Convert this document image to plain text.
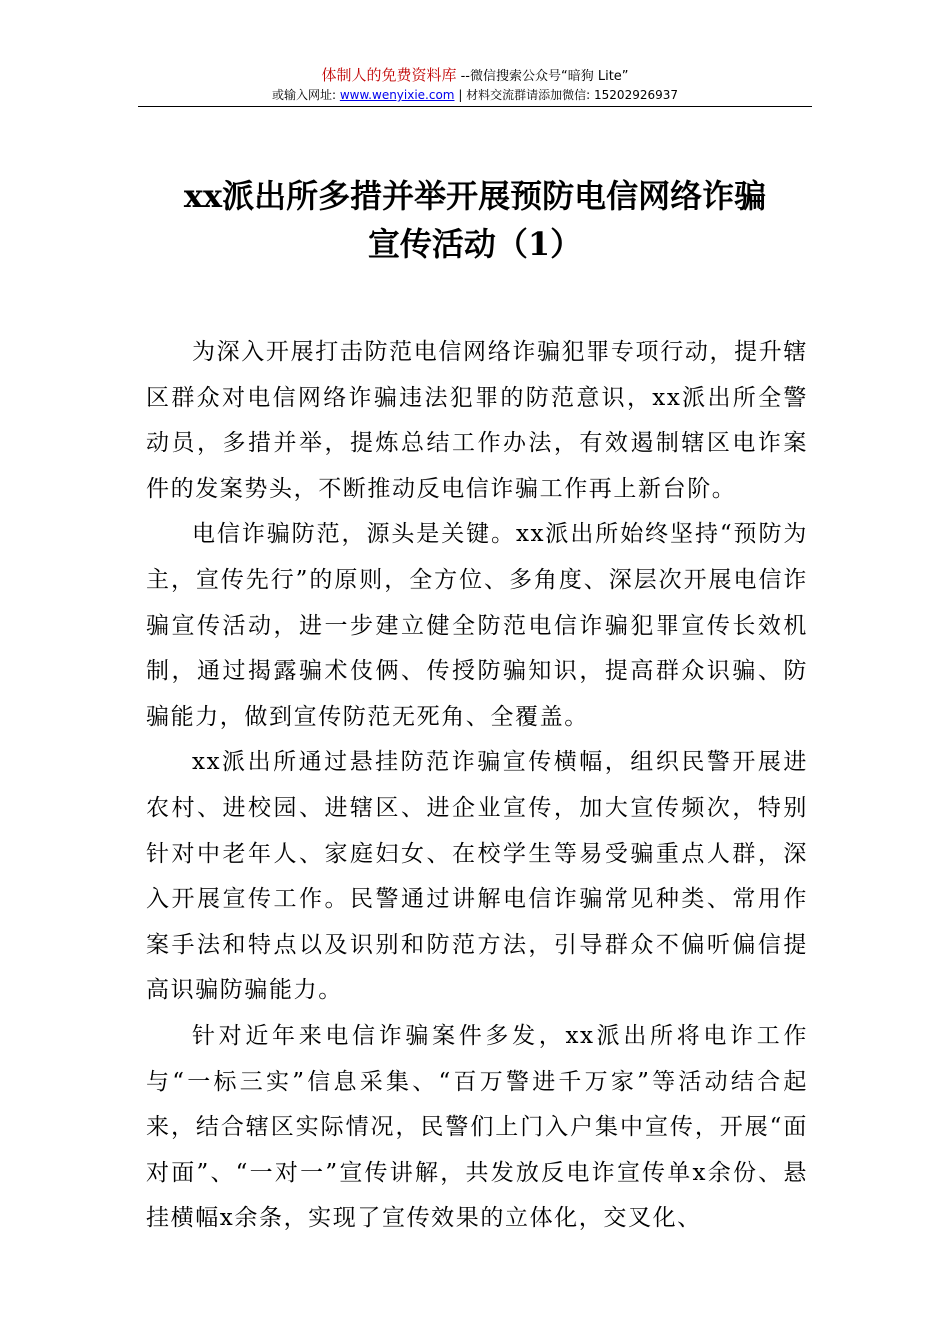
体制人的免费资料库 --微信搜索公众号“暗狗 Lite”
或输入网址: www.wenyixie.com | 材料交流群请添加微信: 15202926937
xx派出所多措并举开展预防电信网络诈骗
宣传活动（1）

为深入开展打击防范电信网络诈骗犯罪专项行动，提升辖区群众对电信网络诈骗违法犯罪的防范意识，xx派出所全警动员，多措并举，提炼总结工作办法，有效遏制辖区电诈案件的发案势头，不断推动反电信诈骗工作再上新台阶。

电信诈骗防范，源头是关键。xx派出所始终坚持“预防为主，宣传先行”的原则，全方位、多角度、深层次开展电信诈骗宣传活动，进一步建立健全防范电信诈骗犯罪宣传长效机制，通过揭露骗术伎俩、传授防骗知识，提高群众识骗、防骗能力，做到宣传防范无死角、全覆盖。

xx派出所通过悬挂防范诈骗宣传横幅，组织民警开展进农村、进校园、进辖区、进企业宣传，加大宣传频次，特别针对中老年人、家庭妇女、在校学生等易受骗重点人群，深入开展宣传工作。民警通过讲解电信诈骗常见种类、常用作案手法和特点以及识别和防范方法，引导群众不偏听偏信提高识骗防骗能力。

针对近年来电信诈骗案件多发，xx派出所将电诈工作与“一标三实”信息采集、“百万警进千万家”等活动结合起来，结合辖区实际情况，民警们上门入户集中宣传，开展“面对面”、“一对一”宣传讲解，共发放反电诈宣传单x余份、悬挂横幅x余条，实现了宣传效果的立体化，交叉化、
